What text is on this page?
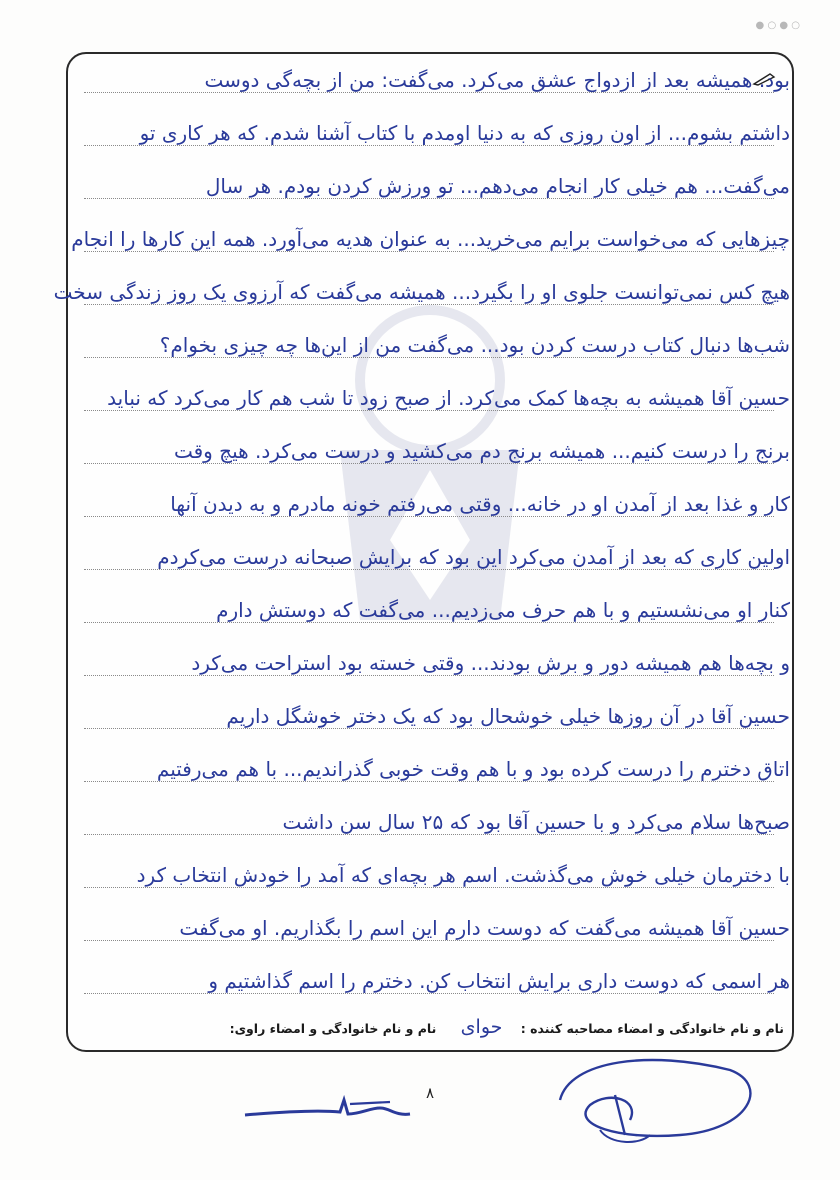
● ○ ● ○
بود. همیشه بعد از ازدواج عشق می‌کرد. می‌گفت: من از بچه‌گی دوست
داشتم بشوم... از اون روزی که به دنیا اومدم با کتاب آشنا شدم. که هر کاری تو
می‌گفت... هم خیلی کار انجام می‌دهم... تو ورزش کردن بودم. هر سال
چیزهایی که می‌خواست برایم می‌خرید... به عنوان هدیه می‌آورد. همه این کارها را انجام
هیچ کس نمی‌توانست جلوی او را بگیرد... همیشه می‌گفت که آرزوی یک روز زندگی سخت
شب‌ها دنبال کتاب درست کردن بود... می‌گفت من از این‌ها چه چیزی بخوام؟
حسین آقا همیشه به بچه‌ها کمک می‌کرد. از صبح زود تا شب هم کار می‌کرد که نباید
برنج را درست کنیم... همیشه برنج دم می‌کشید و درست می‌کرد. هیچ وقت
کار و غذا بعد از آمدن او در خانه... وقتی می‌رفتم خونه مادرم و به دیدن آنها
اولین کاری که بعد از آمدن می‌کرد این بود که برایش صبحانه درست می‌کردم
کنار او می‌نشستیم و با هم حرف می‌زدیم... می‌گفت که دوستش دارم
و بچه‌ها هم همیشه دور و برش بودند... وقتی خسته بود استراحت می‌کرد
حسین آقا در آن روزها خیلی خوشحال بود که یک دختر خوشگل داریم
اتاق دخترم را درست کرده بود و با هم وقت خوبی گذراندیم... با هم می‌رفتیم
صبح‌ها سلام می‌کرد و با حسین آقا بود که ۲۵ سال سن داشت
با دخترمان خیلی خوش می‌گذشت. اسم هر بچه‌ای که آمد را خودش انتخاب کرد
حسین آقا همیشه می‌گفت که دوست دارم این اسم را بگذاریم. او می‌گفت
هر اسمی که دوست داری برایش انتخاب کن. دخترم را اسم گذاشتیم و
نام و نام خانوادگی و امضاء مصاحبه کننده : حوای نام و نام خانوادگی و امضاء راوی:
۸
